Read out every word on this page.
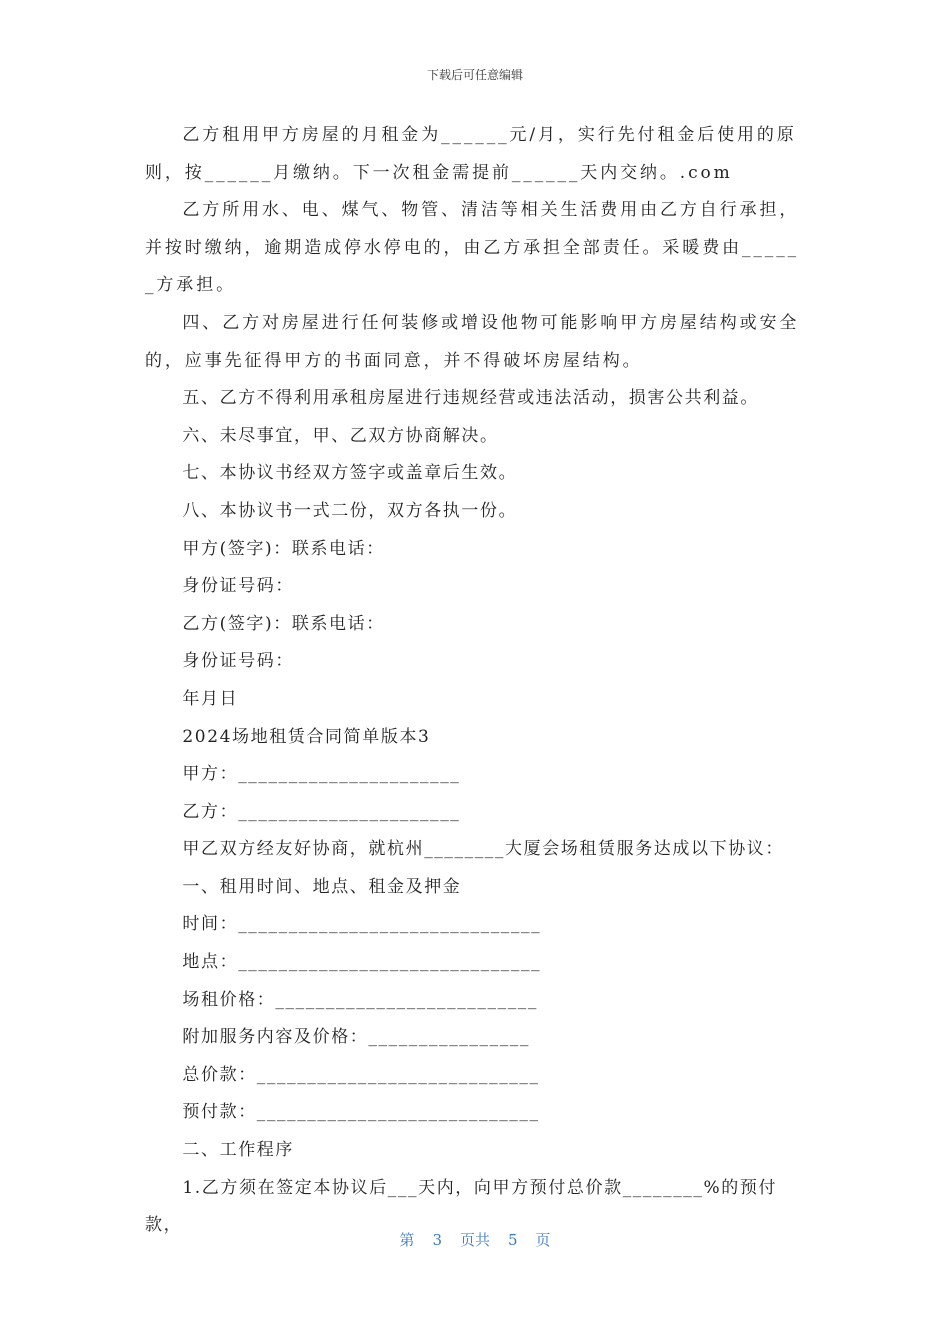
下载后可任意编辑

乙方租用甲方房屋的月租金为______元/月，实行先付租金后使用的原则，按______月缴纳。下一次租金需提前______天内交纳。.com

乙方所用水、电、煤气、物管、清洁等相关生活费用由乙方自行承担，并按时缴纳，逾期造成停水停电的，由乙方承担全部责任。采暖费由______方承担。

四、乙方对房屋进行任何装修或增设他物可能影响甲方房屋结构或安全的，应事先征得甲方的书面同意，并不得破坏房屋结构。

五、乙方不得利用承租房屋进行违规经营或违法活动，损害公共利益。

六、未尽事宜，甲、乙双方协商解决。

七、本协议书经双方签字或盖章后生效。

八、本协议书一式二份，双方各执一份。

甲方(签字)：联系电话：

身份证号码：

乙方(签字)：联系电话：

身份证号码：

年月日

2024场地租赁合同简单版本3

甲方：______________________

乙方：______________________

甲乙双方经友好协商，就杭州________大厦会场租赁服务达成以下协议：

一、租用时间、地点、租金及押金

时间：______________________________

地点：______________________________

场租价格：__________________________

附加服务内容及价格：________________

总价款：____________________________

预付款：____________________________

二、工作程序

1.乙方须在签定本协议后___天内，向甲方预付总价款________%的预付款，

第 3 页共 5 页
